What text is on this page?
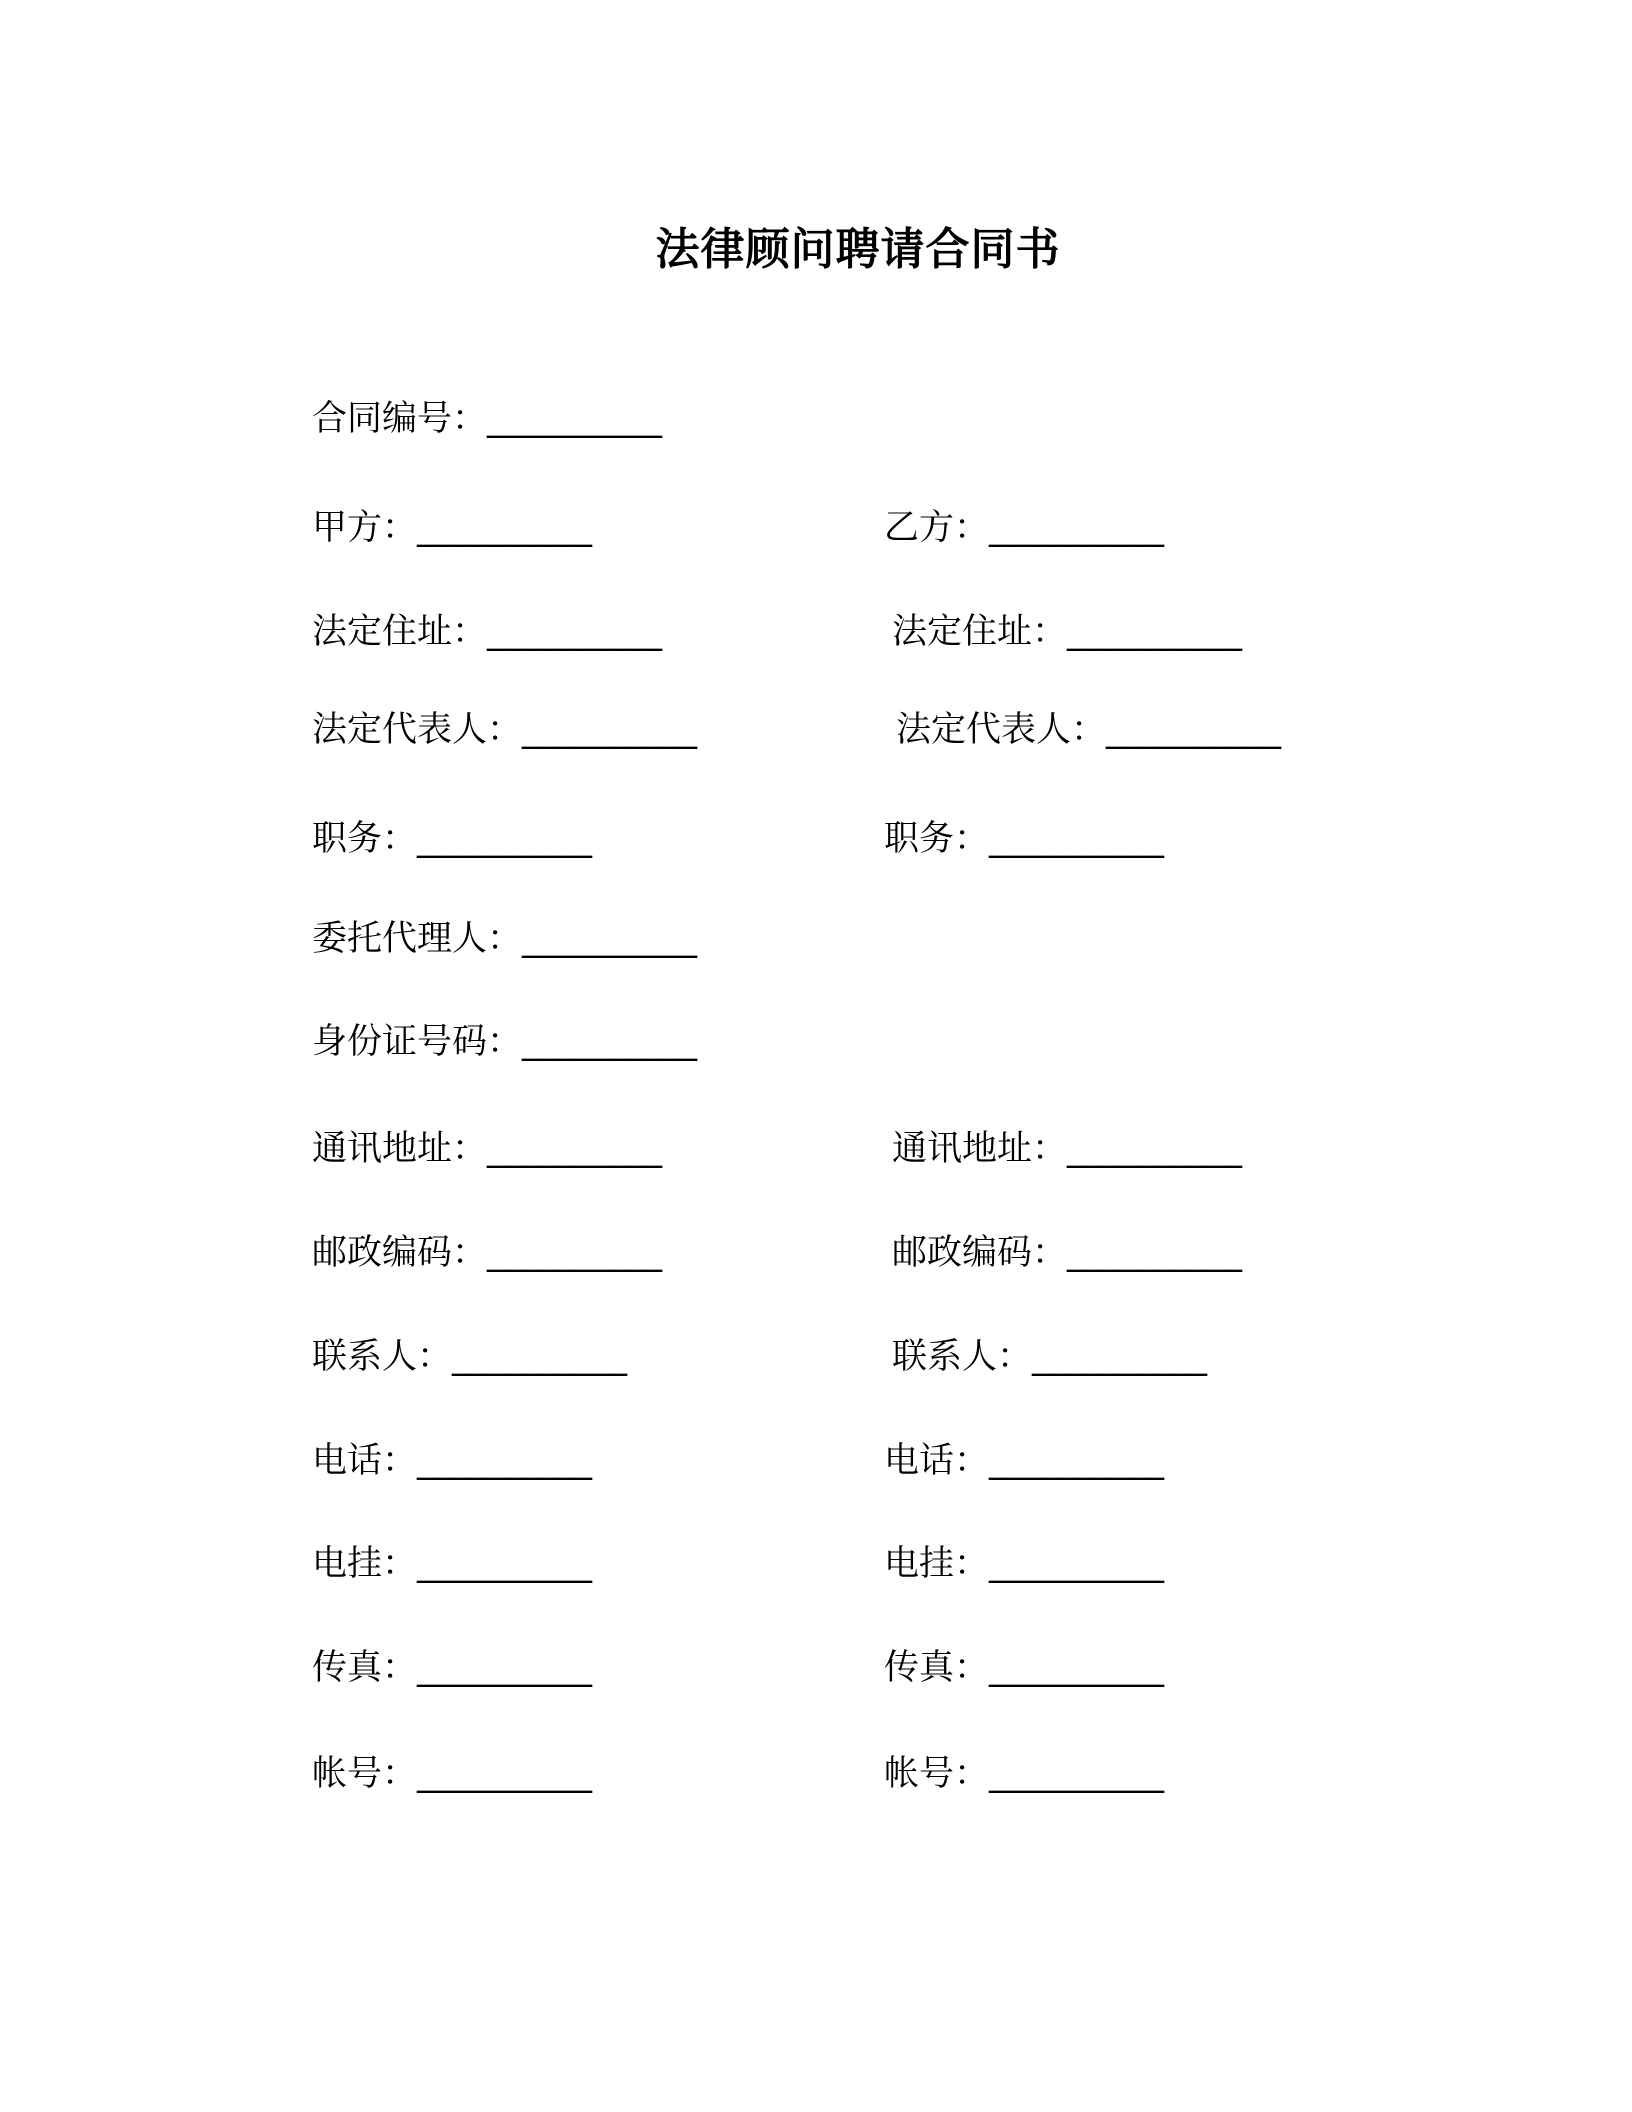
法律顾问聘请合同书
合同编号：__________
甲方：__________	乙方：__________
法定住址：__________	法定住址：__________
法定代表人：__________	法定代表人：__________
职务：__________	职务：__________
委托代理人：__________
身份证号码：__________
通讯地址：__________	通讯地址：__________
邮政编码：__________	邮政编码：__________
联系人：__________	联系人：__________
电话：__________	电话：__________
电挂：__________	电挂：__________
传真：__________	传真：__________
帐号：__________	帐号：__________
